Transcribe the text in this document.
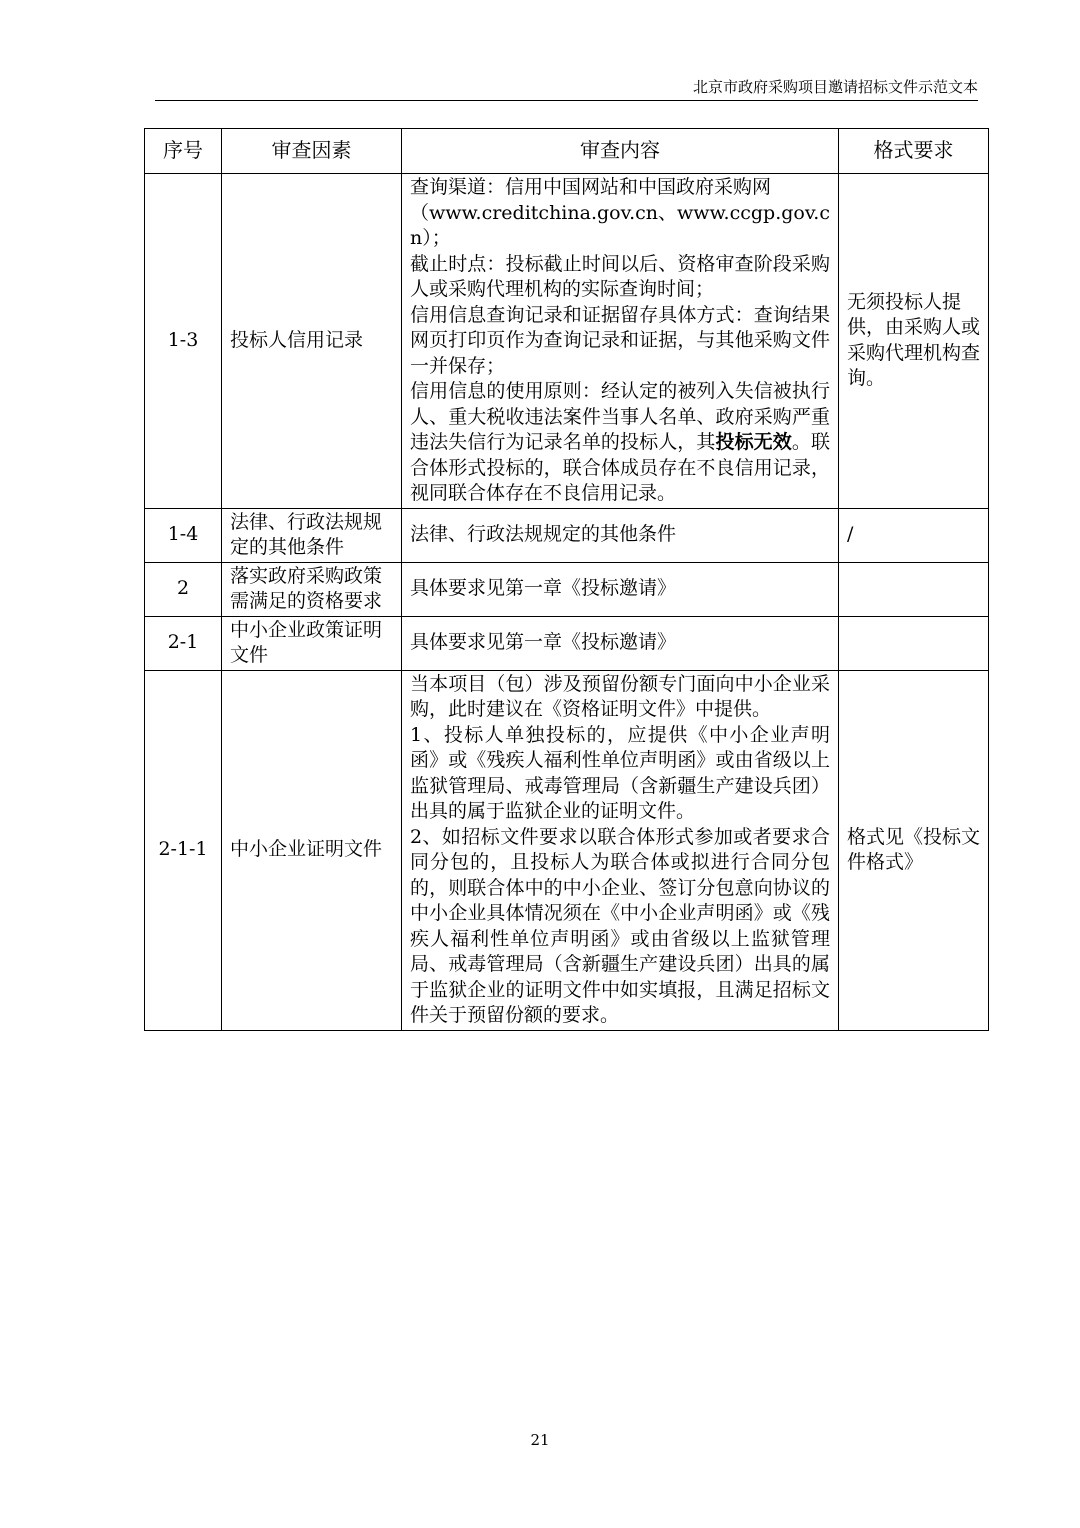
北京市政府采购项目邀请招标文件示范文本
序号	审查因素	审查内容	格式要求
1-3	投标人信用记录	查询渠道：信用中国网站和中国政府采购网
（www.creditchina.gov.cn、www.ccgp.gov.cn）；
截止时点：投标截止时间以后、资格审查阶段采购人或采购代理机构的实际查询时间；
信用信息查询记录和证据留存具体方式：查询结果网页打印页作为查询记录和证据，与其他采购文件一并保存；
信用信息的使用原则：经认定的被列入失信被执行人、重大税收违法案件当事人名单、政府采购严重违法失信行为记录名单的投标人，其投标无效。联合体形式投标的，联合体成员存在不良信用记录，视同联合体存在不良信用记录。	无须投标人提供，由采购人或采购代理机构查询。
1-4	法律、行政法规规定的其他条件	法律、行政法规规定的其他条件	/
2	落实政府采购政策需满足的资格要求	具体要求见第一章《投标邀请》	
2-1	中小企业政策证明文件	具体要求见第一章《投标邀请》	
2-1-1	中小企业证明文件	当本项目（包）涉及预留份额专门面向中小企业采购，此时建议在《资格证明文件》中提供。
1、投标人单独投标的，应提供《中小企业声明函》或《残疾人福利性单位声明函》或由省级以上监狱管理局、戒毒管理局（含新疆生产建设兵团）出具的属于监狱企业的证明文件。
2、如招标文件要求以联合体形式参加或者要求合同分包的，且投标人为联合体或拟进行合同分包的，则联合体中的中小企业、签订分包意向协议的中小企业具体情况须在《中小企业声明函》或《残疾人福利性单位声明函》或由省级以上监狱管理局、戒毒管理局（含新疆生产建设兵团）出具的属于监狱企业的证明文件中如实填报，且满足招标文件关于预留份额的要求。	格式见《投标文件格式》
21
